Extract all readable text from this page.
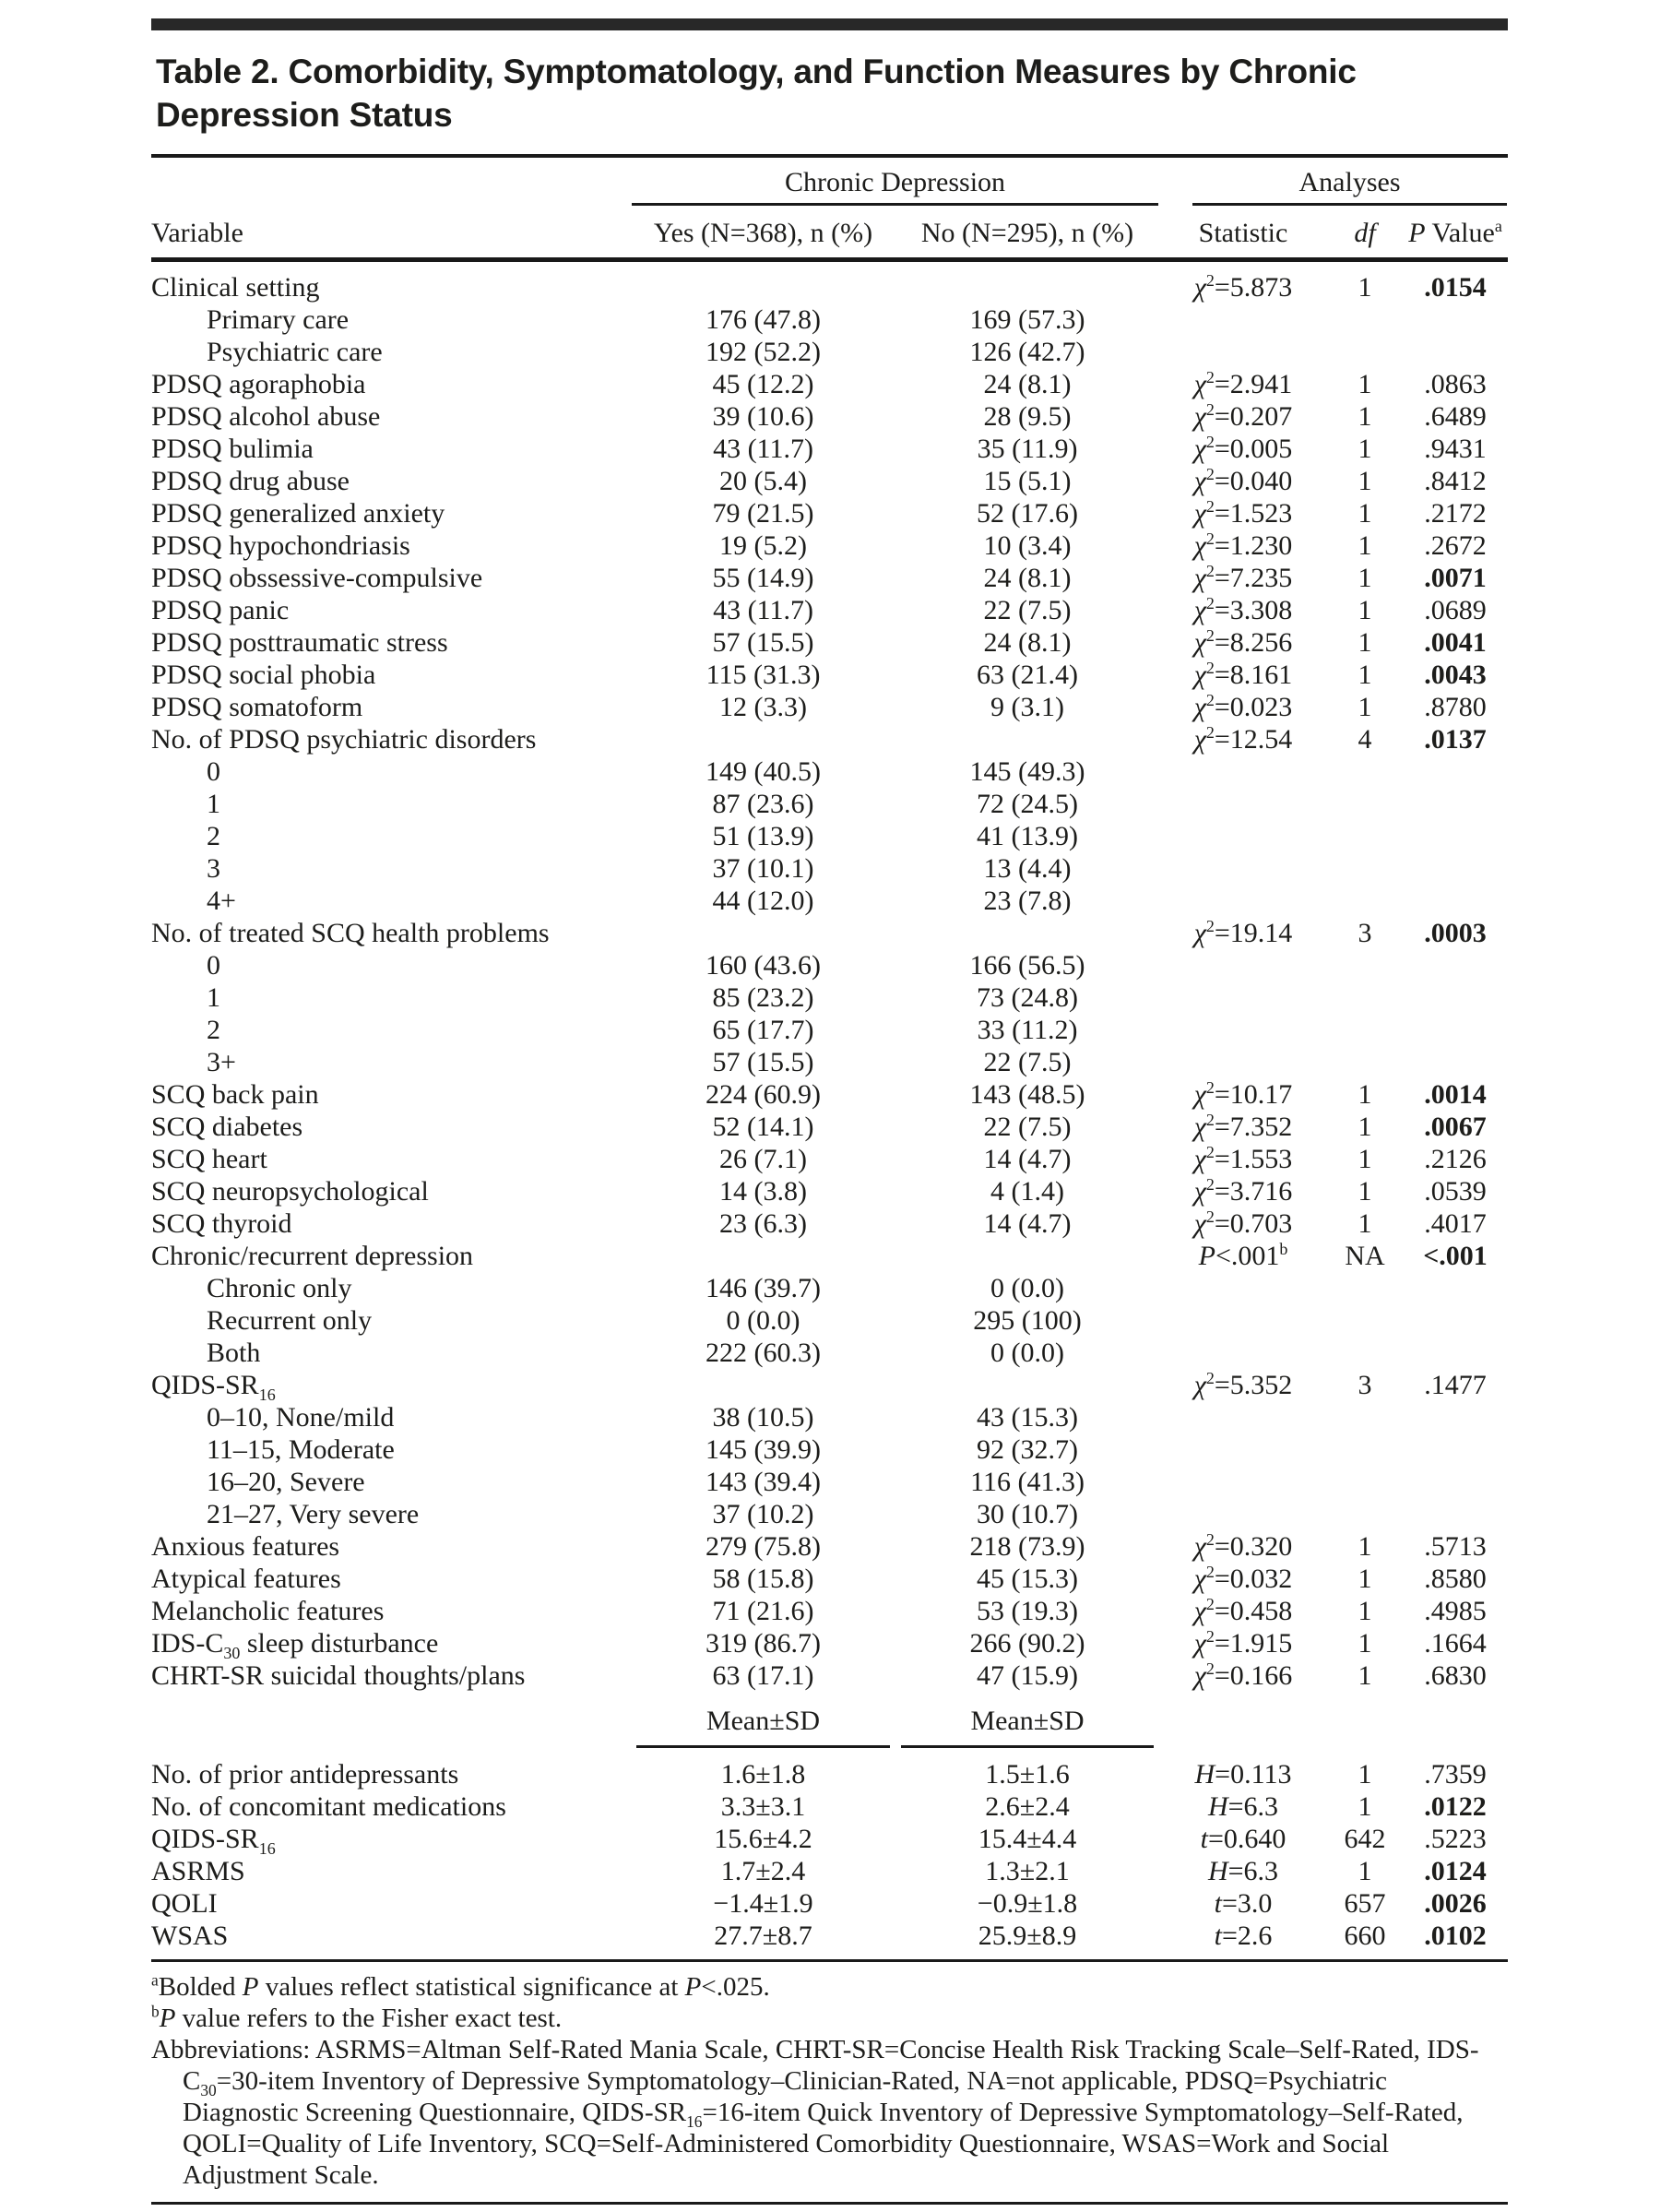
Table 2. Comorbidity, Symptomatology, and Function Measures by Chronic Depression Status

	Chronic Depression		Analyses		

Variable	Yes (N=368), n (%)	No (N=295), n (%)	Statistic	df	P Value$^a$
Clinical setting			$\chi^2=5.873$	1	.0154
Primary care	176 (47.8)	169 (57.3)			
Psychiatric care	192 (52.2)	126 (42.7)			
PDSQ agoraphobia	45 (12.2)	24 (8.1)	$\chi^2=2.941$	1	.0863
PDSQ alcohol abuse	39 (10.6)	28 (9.5)	$\chi^2=0.207$	1	.6489
PDSQ bulimia	43 (11.7)	35 (11.9)	$\chi^2=0.005$	1	.9431
PDSQ drug abuse	20 (5.4)	15 (5.1)	$\chi^2=0.040$	1	.8412
PDSQ generalized anxiety	79 (21.5)	52 (17.6)	$\chi^2=1.523$	1	.2172
PDSQ hypochondriasis	19 (5.2)	10 (3.4)	$\chi^2=1.230$	1	.2672
PDSQ obssessive-compulsive	55 (14.9)	24 (8.1)	$\chi^2=7.235$	1	.0071
PDSQ panic	43 (11.7)	22 (7.5)	$\chi^2=3.308$	1	.0689
PDSQ posttraumatic stress	57 (15.5)	24 (8.1)	$\chi^2=8.256$	1	.0041
PDSQ social phobia	115 (31.3)	63 (21.4)	$\chi^2=8.161$	1	.0043
PDSQ somatoform	12 (3.3)	9 (3.1)	$\chi^2=0.023$	1	.8780
No. of PDSQ psychiatric disorders			$\chi^2=12.54$	4	.0137
0	149 (40.5)	145 (49.3)			
1	87 (23.6)	72 (24.5)			
2	51 (13.9)	41 (13.9)			
3	37 (10.1)	13 (4.4)			
4+	44 (12.0)	23 (7.8)			
No. of treated SCQ health problems			$\chi^2=19.14$	3	.0003
0	160 (43.6)	166 (56.5)			
1	85 (23.2)	73 (24.8)			
2	65 (17.7)	33 (11.2)			
3+	57 (15.5)	22 (7.5)			
SCQ back pain	224 (60.9)	143 (48.5)	$\chi^2=10.17$	1	.0014
SCQ diabetes	52 (14.1)	22 (7.5)	$\chi^2=7.352$	1	.0067
SCQ heart	26 (7.1)	14 (4.7)	$\chi^2=1.553$	1	.2126
SCQ neuropsychological	14 (3.8)	4 (1.4)	$\chi^2=3.716$	1	.0539
SCQ thyroid	23 (6.3)	14 (4.7)	$\chi^2=0.703$	1	.4017
Chronic/recurrent depression			P<.001$^b$	NA	<.001
Chronic only	146 (39.7)	0 (0.0)			
Recurrent only	0 (0.0)	295 (100)			
Both	222 (60.3)	0 (0.0)			
QIDS-$SR_{16}$			$\chi^2=5.352$	3	.1477
0–10, None/mild	38 (10.5)	43 (15.3)			
11–15, Moderate	145 (39.9)	92 (32.7)			
16–20, Severe	143 (39.4)	116 (41.3)			
21–27, Very severe	37 (10.2)	30 (10.7)			
Anxious features	279 (75.8)	218 (73.9)	$\chi^2=0.320$	1	.5713
Atypical features	58 (15.8)	45 (15.3)	$\chi^2=0.032$	1	.8580
Melancholic features	71 (21.6)	53 (19.3)	$\chi^2=0.458$	1	.4985
IDS-$C_{30}$ sleep disturbance	319 (86.7)	266 (90.2)	$\chi^2=1.915$	1	.1664
CHRT-SR suicidal thoughts/plans	63 (17.1)	47 (15.9)	$\chi^2=0.166$	1	.6830

	Mean±SD	Mean±SD			

No. of prior antidepressants	1.6±1.8	1.5±1.6	H=0.113	1	.7359
No. of concomitant medications	3.3±3.1	2.6±2.4	H=6.3	1	.0122
QIDS-$SR_{16}$	15.6±4.2	15.4±4.4	t=0.640	642	.5223
ASRMS	1.7±2.4	1.3±2.1	H=6.3	1	.0124
QOLI	−1.4±1.9	−0.9±1.8	t=3.0	657	.0026
WSAS	27.7±8.7	25.9±8.9	t=2.6	660	.0102

$^a$Bolded P values reflect statistical significance at P<.025.

$^b$P value refers to the Fisher exact test.

Abbreviations: ASRMS=Altman Self-Rated Mania Scale, CHRT-SR=Concise Health Risk Tracking Scale–Self-Rated, IDS-$C_{30}=30$-item Inventory of Depressive Symptomatology–Clinician-Rated, NA=not applicable, PDSQ=Psychiatric Diagnostic Screening Questionnaire, QIDS-$SR_{16}=16$-item Quick Inventory of Depressive Symptomatology–Self-Rated, QOLI=Quality of Life Inventory, SCQ=Self-Administered Comorbidity Questionnaire, WSAS=Work and Social Adjustment Scale.
